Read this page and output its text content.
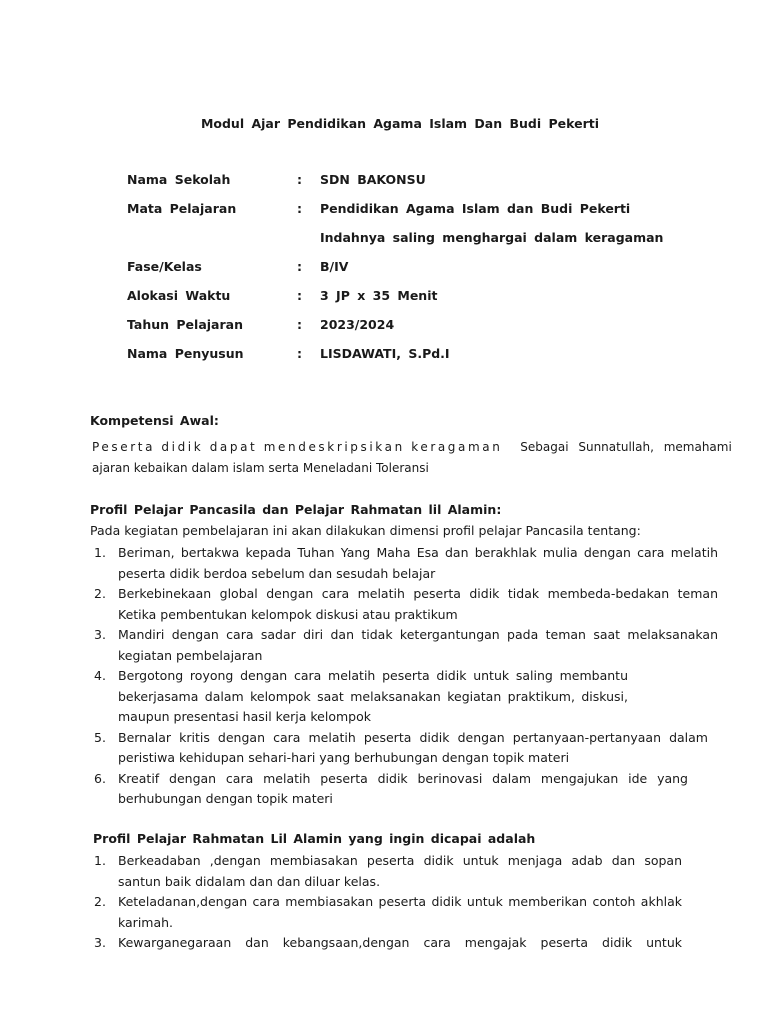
Modul Ajar Pendidikan Agama Islam Dan Budi Pekerti
Nama Sekolah	: SDN BAKONSU
Mata Pelajaran	: Pendidikan Agama Islam dan Budi Pekerti
Indahnya saling menghargai dalam keragaman
Fase/Kelas	: B/IV
Alokasi Waktu	: 3 JP x 35 Menit
Tahun Pelajaran	: 2023/2024
Nama Penyusun	: LISDAWATI, S.Pd.I
Kompetensi Awal:
Peserta didik dapat mendeskripsikan keragaman Sebagai Sunnatullah, memahami
ajaran kebaikan dalam islam serta Meneladani Toleransi
Profil Pelajar Pancasila dan Pelajar Rahmatan lil Alamin:
Pada kegiatan pembelajaran ini akan dilakukan dimensi profil pelajar Pancasila tentang:
1. Beriman, bertakwa kepada Tuhan Yang Maha Esa dan berakhlak mulia dengan cara melatih peserta didik berdoa sebelum dan sesudah belajar
2. Berkebinekaan global dengan cara melatih peserta didik tidak membeda-bedakan teman Ketika pembentukan kelompok diskusi atau praktikum
3. Mandiri dengan cara sadar diri dan tidak ketergantungan pada teman saat melaksanakan kegiatan pembelajaran
4. Bergotong royong dengan cara melatih peserta didik untuk saling membantu bekerjasama dalam kelompok saat melaksanakan kegiatan praktikum, diskusi, maupun presentasi hasil kerja kelompok
5. Bernalar kritis dengan cara melatih peserta didik dengan pertanyaan-pertanyaan dalam peristiwa kehidupan sehari-hari yang berhubungan dengan topik materi
6. Kreatif dengan cara melatih peserta didik berinovasi dalam mengajukan ide yang berhubungan dengan topik materi
Profil Pelajar Rahmatan Lil Alamin yang ingin dicapai adalah
1. Berkeadaban ,dengan membiasakan peserta didik untuk menjaga adab dan sopan santun baik didalam dan dan diluar kelas.
2. Keteladanan,dengan cara membiasakan peserta didik untuk memberikan contoh akhlak karimah.
3. Kewarganegaraan dan kebangsaan,dengan cara mengajak peserta didik untuk
